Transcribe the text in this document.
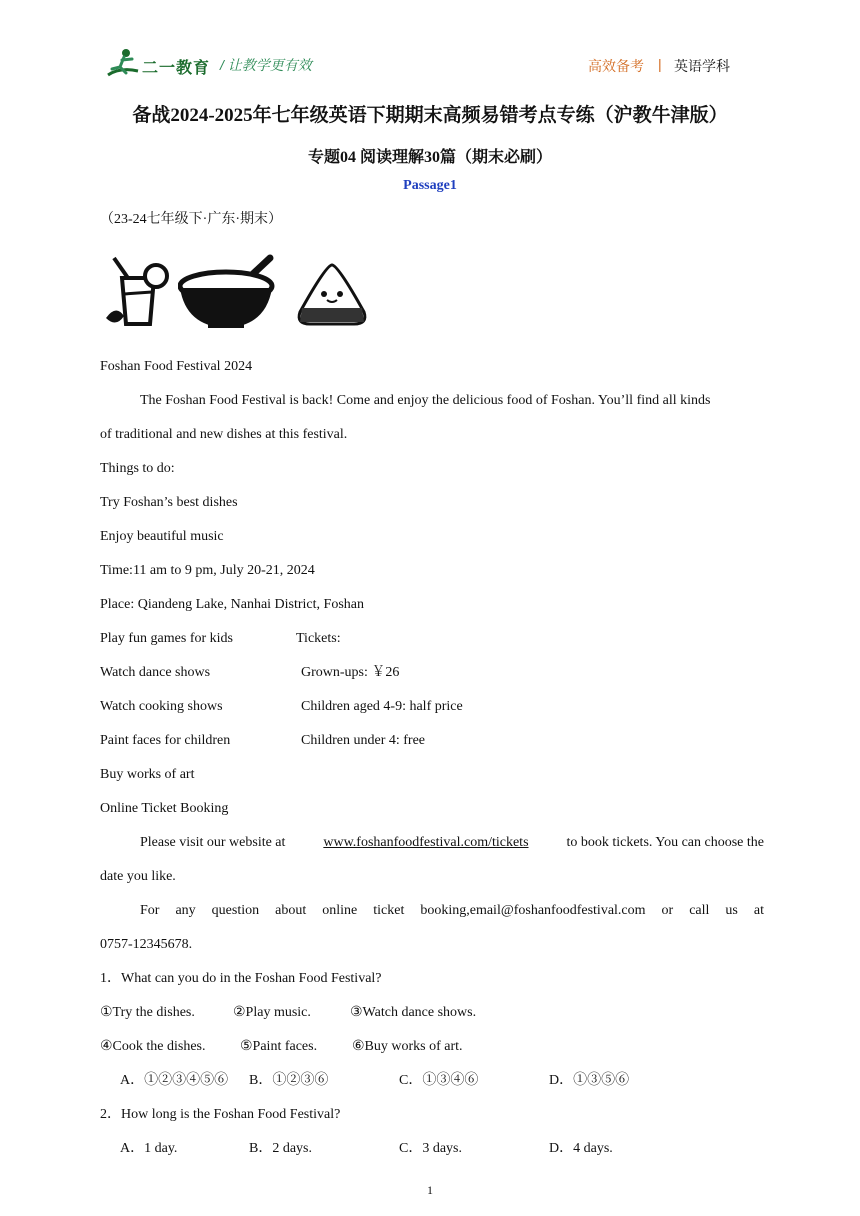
二一教育 / 让教学更有效	高效备考 | 英语学科
备战2024-2025年七年级英语下期期末高频易错考点专练（沪教牛津版）
专题04 阅读理解30篇（期末必刷）
Passage1
（23-24七年级下·广东·期末）
Foshan Food Festival 2024
The Foshan Food Festival is back! Come and enjoy the delicious food of Foshan. You’ll find all kinds
of traditional and new dishes at this festival.
Things to do:
Try Foshan’s best dishes
Enjoy beautiful music
Time:11 am to 9 pm, July 20-21, 2024
Place: Qiandeng Lake, Nanhai District, Foshan
Play fun games for kids	Tickets:
Watch dance shows	Grown-ups: ￥26
Watch cooking shows	Children aged 4-9: half price
Paint faces for children	Children under 4: free
Buy works of art
Online Ticket Booking
Please visit our website at	www.foshanfoodfestival.com/tickets	to book tickets. You can choose the
date you like.
For any question about online ticket booking,email@foshanfoodfestival.com or call us at
0757-12345678.
1．What can you do in the Foshan Food Festival?
①Try the dishes.	②Play music.	③Watch dance shows.
④Cook the dishes. ⑤Paint faces. ⑥Buy works of art.
A．①②③④⑤⑥ B．①②③⑥	C．①③④⑥	D．①③⑤⑥
2．How long is the Foshan Food Festival?
A．1 day.	B．2 days.	C．3 days.	D．4 days.
1
